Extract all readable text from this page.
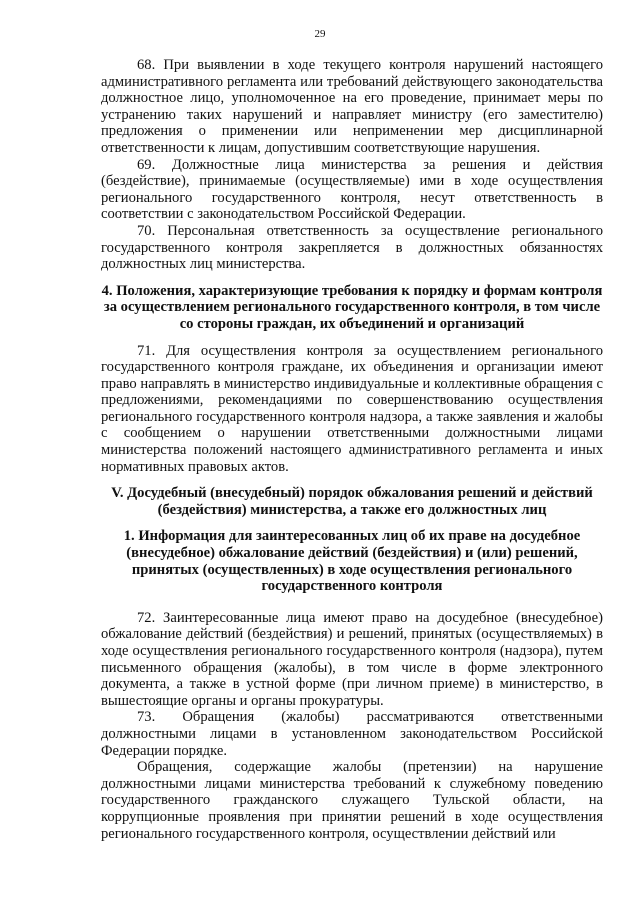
29

68. При выявлении в ходе текущего контроля нарушений настоящего административного регламента или требований действующего законодательства должностное лицо, уполномоченное на его проведение, принимает меры по устранению таких нарушений и направляет министру (его заместителю) предложения о применении или неприменении мер дисциплинарной ответственности к лицам, допустившим соответствующие нарушения.

69. Должностные лица министерства за решения и действия (бездействие), принимаемые (осуществляемые) ими в ходе осуществления регионального государственного контроля, несут ответственность в соответствии с законодательством Российской Федерации.

70. Персональная ответственность за осуществление регионального государственного контроля закрепляется в должностных обязанностях должностных лиц министерства.

4. Положения, характеризующие требования к порядку и формам контроля за осуществлением регионального государственного контроля, в том числе со стороны граждан, их объединений и организаций

71. Для осуществления контроля за осуществлением регионального государственного контроля граждане, их объединения и организации имеют право направлять в министерство индивидуальные и коллективные обращения с предложениями, рекомендациями по совершенствованию осуществления регионального государственного контроля надзора, а также заявления и жалобы с сообщением о нарушении ответственными должностными лицами министерства положений настоящего административного регламента и иных нормативных правовых актов.

V. Досудебный (внесудебный) порядок обжалования решений и действий (бездействия) министерства, а также его должностных лиц

1. Информация для заинтересованных лиц об их праве на досудебное (внесудебное) обжалование действий (бездействия) и (или) решений, принятых (осуществленных) в ходе осуществления регионального государственного контроля

72. Заинтересованные лица имеют право на досудебное (внесудебное) обжалование действий (бездействия) и решений, принятых (осуществляемых) в ходе осуществления регионального государственного контроля (надзора), путем письменного обращения (жалобы), в том числе в форме электронного документа, а также в устной форме (при личном приеме) в министерство, в вышестоящие органы и органы прокуратуры.

73. Обращения (жалобы) рассматриваются ответственными должностными лицами в установленном законодательством Российской Федерации порядке.

Обращения, содержащие жалобы (претензии) на нарушение должностными лицами министерства требований к служебному поведению государственного гражданского служащего Тульской области, на коррупционные проявления при принятии решений в ходе осуществления регионального государственного контроля, осуществлении действий или
